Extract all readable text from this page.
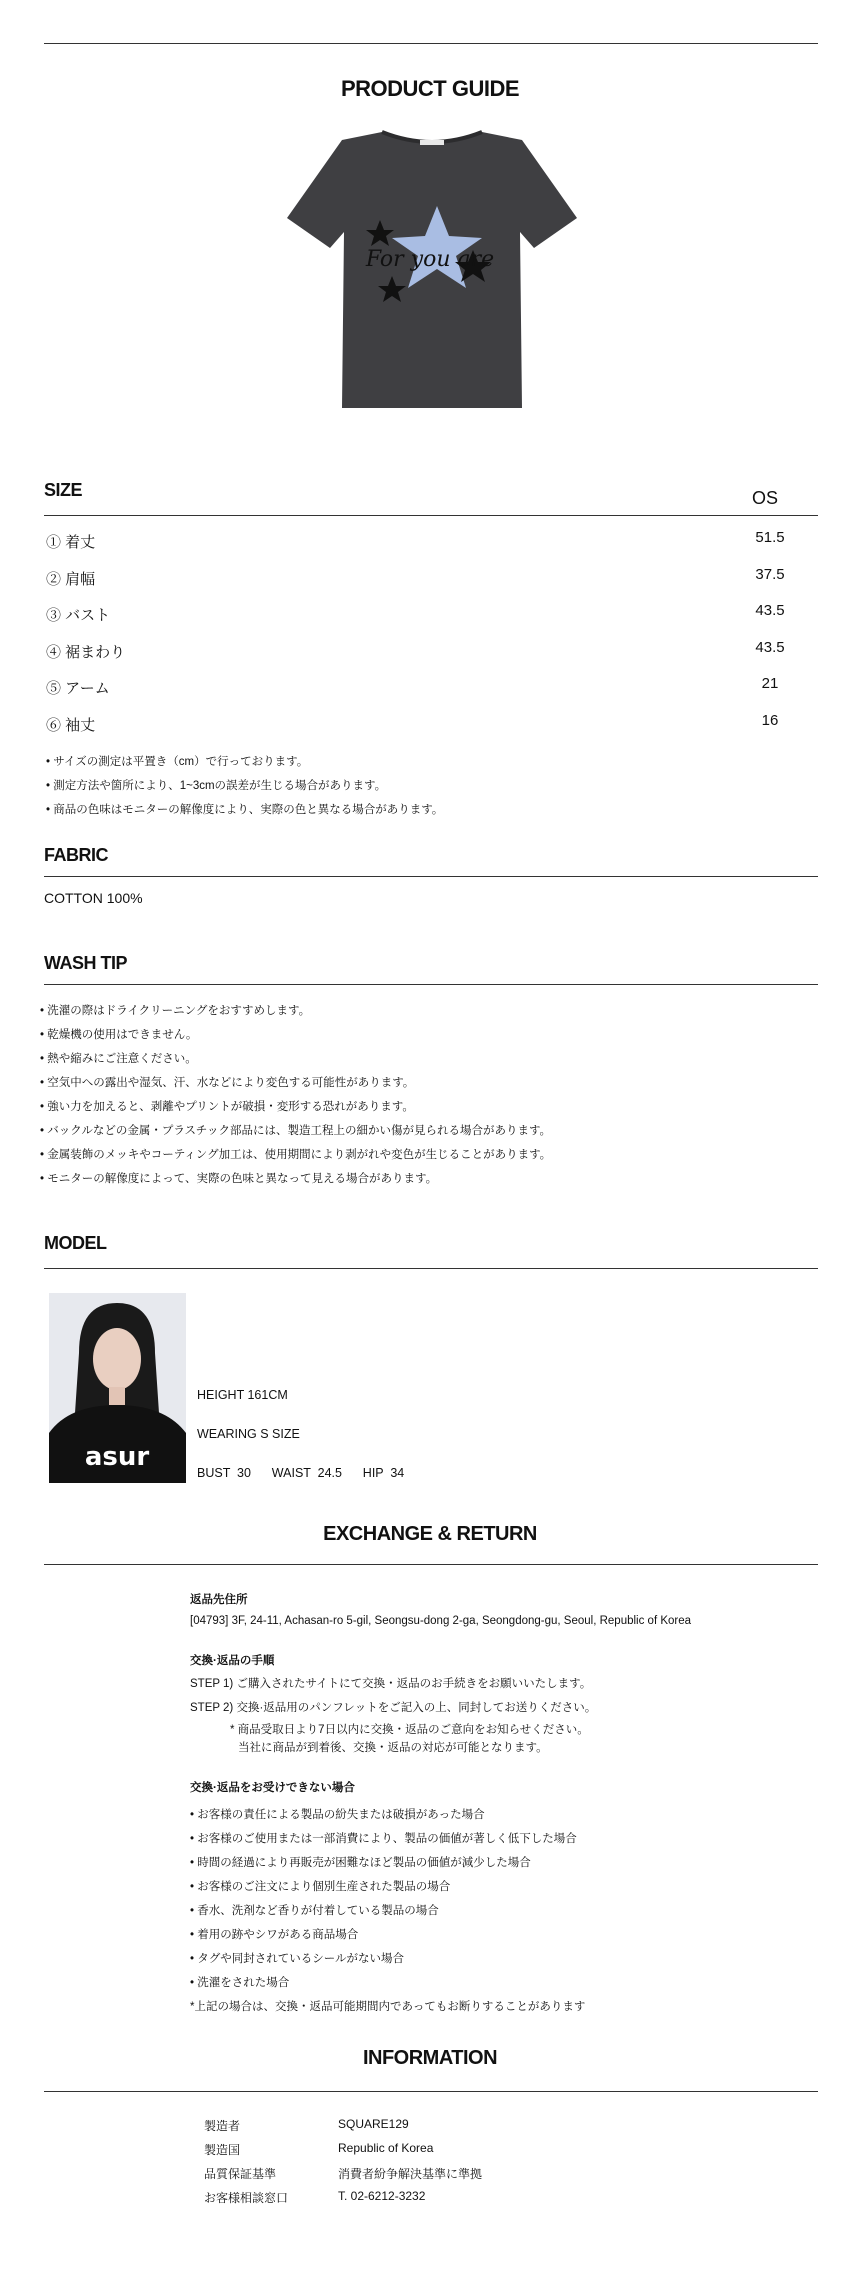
PRODUCT GUIDE
For you are
SIZE	OS
① 着丈	51.5
② 肩幅	37.5
③ バスト	43.5
④ 裾まわり	43.5
⑤ アーム	21
⑥ 袖丈	16
• サイズの測定は平置き（cm）で行っております。
• 測定方法や箇所により、1~3cmの誤差が生じる場合があります。
• 商品の色味はモニターの解像度により、実際の色と異なる場合があります。
FABRIC
COTTON 100%
WASH TIP
• 洗濯の際はドライクリーニングをおすすめします。
• 乾燥機の使用はできません。
• 熱や縮みにご注意ください。
• 空気中への露出や湿気、汗、水などにより変色する可能性があります。
• 強い力を加えると、剥離やプリントが破損・変形する恐れがあります。
• バックルなどの金属・プラスチック部品には、製造工程上の細かい傷が見られる場合があります。
• 金属装飾のメッキやコーティング加工は、使用期間により剥がれや変色が生じることがあります。
• モニターの解像度によって、実際の色味と異なって見える場合があります。
MODEL
asur
HEIGHT 161CM
WEARING S SIZE
BUST  30      WAIST  24.5      HIP  34
EXCHANGE & RETURN
返品先住所
[04793] 3F, 24-11, Achasan-ro 5-gil, Seongsu-dong 2-ga, Seongdong-gu, Seoul, Republic of Korea
交換·返品の手順
STEP 1) ご購入されたサイトにて交換・返品のお手続きをお願いいたします。
STEP 2) 交換·返品用のパンフレットをご記入の上、同封してお送りください。
* 商品受取日より7日以内に交換・返品のご意向をお知らせください。
当社に商品が到着後、交換・返品の対応が可能となります。
交換·返品をお受けできない場合
• お客様の責任による製品の紛失または破損があった場合
• お客様のご使用または一部消費により、製品の価値が著しく低下した場合
• 時間の経過により再販売が困難なほど製品の価値が減少した場合
• お客様のご注文により個別生産された製品の場合
• 香水、洗剤など香りが付着している製品の場合
• 着用の跡やシワがある商品場合
• タグや同封されているシールがない場合
• 洗濯をされた場合
*上記の場合は、交換・返品可能期間内であってもお断りすることがあります
INFORMATION
製造者	SQUARE129
製造国	Republic of Korea
品質保証基準	消費者紛争解決基準に準拠
お客様相談窓口	T. 02-6212-3232
